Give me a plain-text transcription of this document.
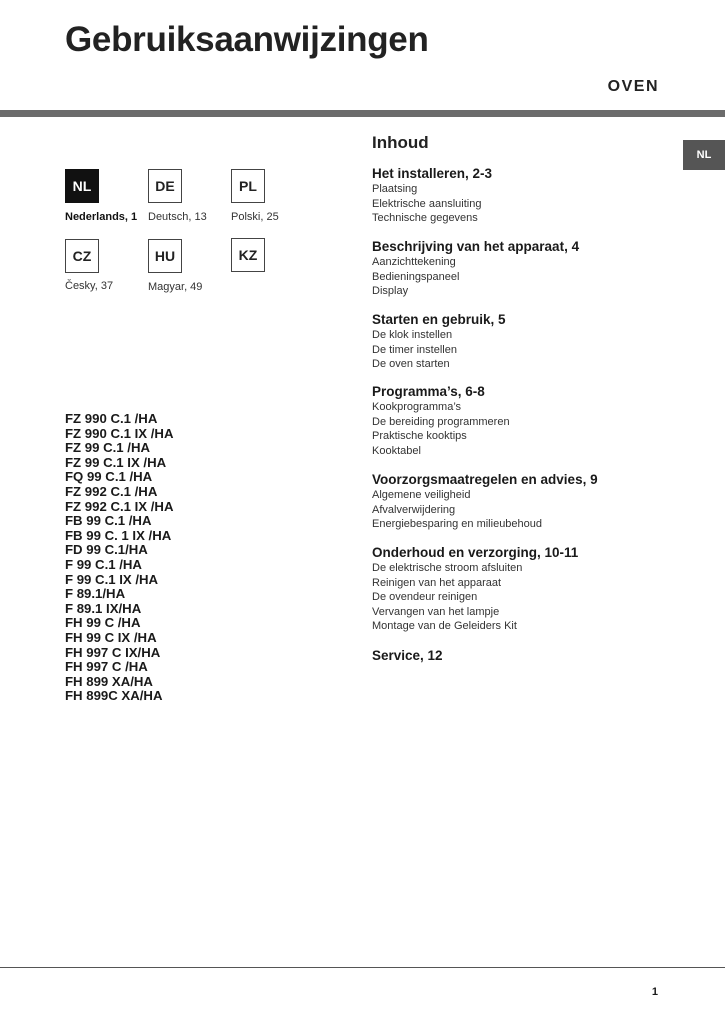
Gebruiksaanwijzingen
OVEN
NL
NL	DE	PL
Nederlands, 1 Deutsch, 13 Polski, 25
CZ	HU	KZ
Česky, 37	Magyar, 49
FZ 990 C.1 /HA
FZ 990 C.1 IX /HA
FZ 99 C.1 /HA
FZ 99 C.1 IX /HA
FQ 99 C.1 /HA
FZ 992 C.1 /HA
FZ 992 C.1 IX /HA
FB 99 C.1 /HA
FB 99 C. 1 IX /HA
FD 99 C.1/HA
F 99 C.1 /HA
F 99 C.1 IX /HA
F 89.1/HA
F 89.1 IX/HA
FH 99 C /HA
FH 99 C IX /HA
FH 997 C IX/HA
FH 997 C /HA
FH 899 XA/HA
FH 899C XA/HA
Inhoud
Het installeren, 2-3
Plaatsing
Elektrische aansluiting
Technische gegevens
Beschrijving van het apparaat, 4
Aanzichttekening
Bedieningspaneel
Display
Starten en gebruik, 5
De klok instellen
De timer instellen
De oven starten
Programma’s, 6-8
Kookprogramma’s
De bereiding programmeren
Praktische kooktips
Kooktabel
Voorzorgsmaatregelen en advies, 9
Algemene veiligheid
Afvalverwijdering
Energiebesparing en milieubehoud
Onderhoud en verzorging, 10-11
De elektrische stroom afsluiten
Reinigen van het apparaat
De ovendeur reinigen
Vervangen van het lampje
Montage van de Geleiders Kit
Service, 12
1
